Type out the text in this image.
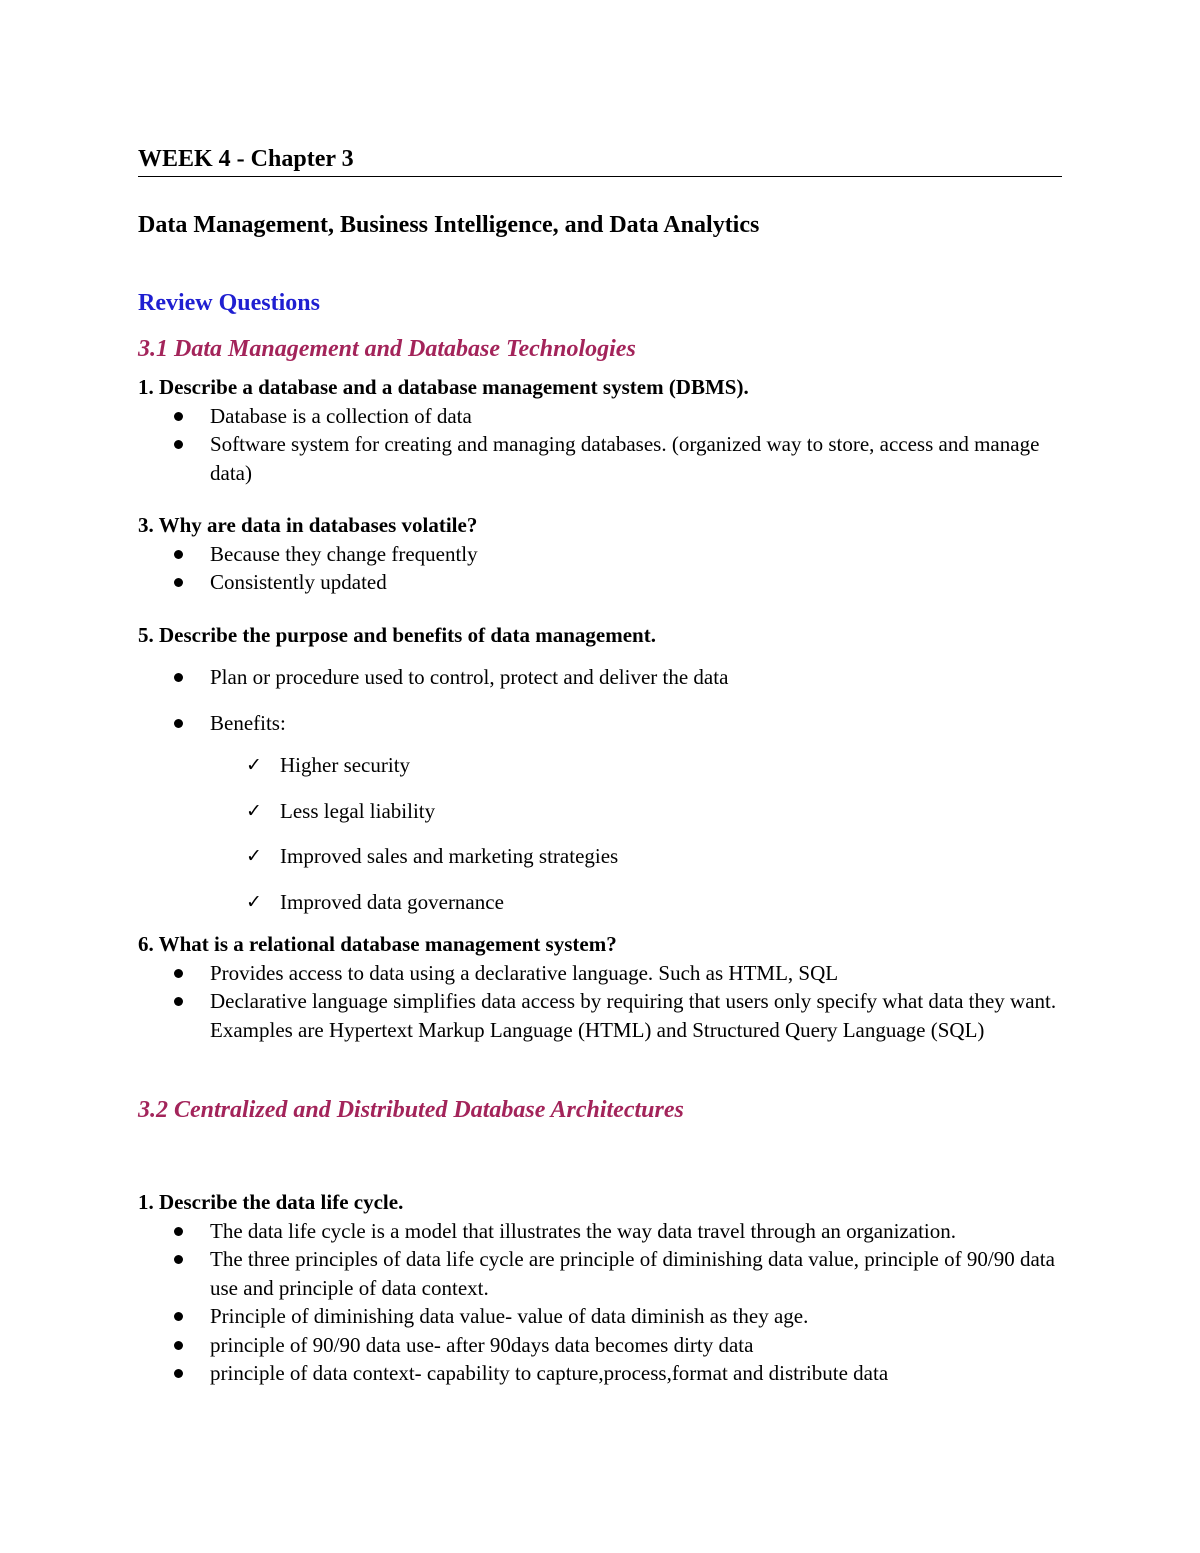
WEEK 4 - Chapter 3
Data Management, Business Intelligence, and Data Analytics
Review Questions
3.1 Data Management and Database Technologies

1. Describe a database and a database management system (DBMS).

Database is a collection of data
Software system for creating and managing databases. (organized way to store, access and manage data)

3. Why are data in databases volatile?

Because they change frequently
Consistently updated

5. Describe the purpose and benefits of data management.

Plan or procedure used to control, protect and deliver the data
Benefits:
✓ Higher security
✓ Less legal liability
✓ Improved sales and marketing strategies
✓ Improved data governance

6. What is a relational database management system?

Provides access to data using a declarative language. Such as HTML, SQL
Declarative language simplifies data access by requiring that users only specify what data they want. Examples are Hypertext Markup Language (HTML) and Structured Query Language (SQL)
3.2 Centralized and Distributed Database Architectures

1. Describe the data life cycle.

The data life cycle is a model that illustrates the way data travel through an organization.
The three principles of data life cycle are principle of diminishing data value, principle of 90/90 data use and principle of data context.
Principle of diminishing data value- value of data diminish as they age.
principle of 90/90 data use- after 90days data becomes dirty data
principle of data context- capability to capture,process,format and distribute data
